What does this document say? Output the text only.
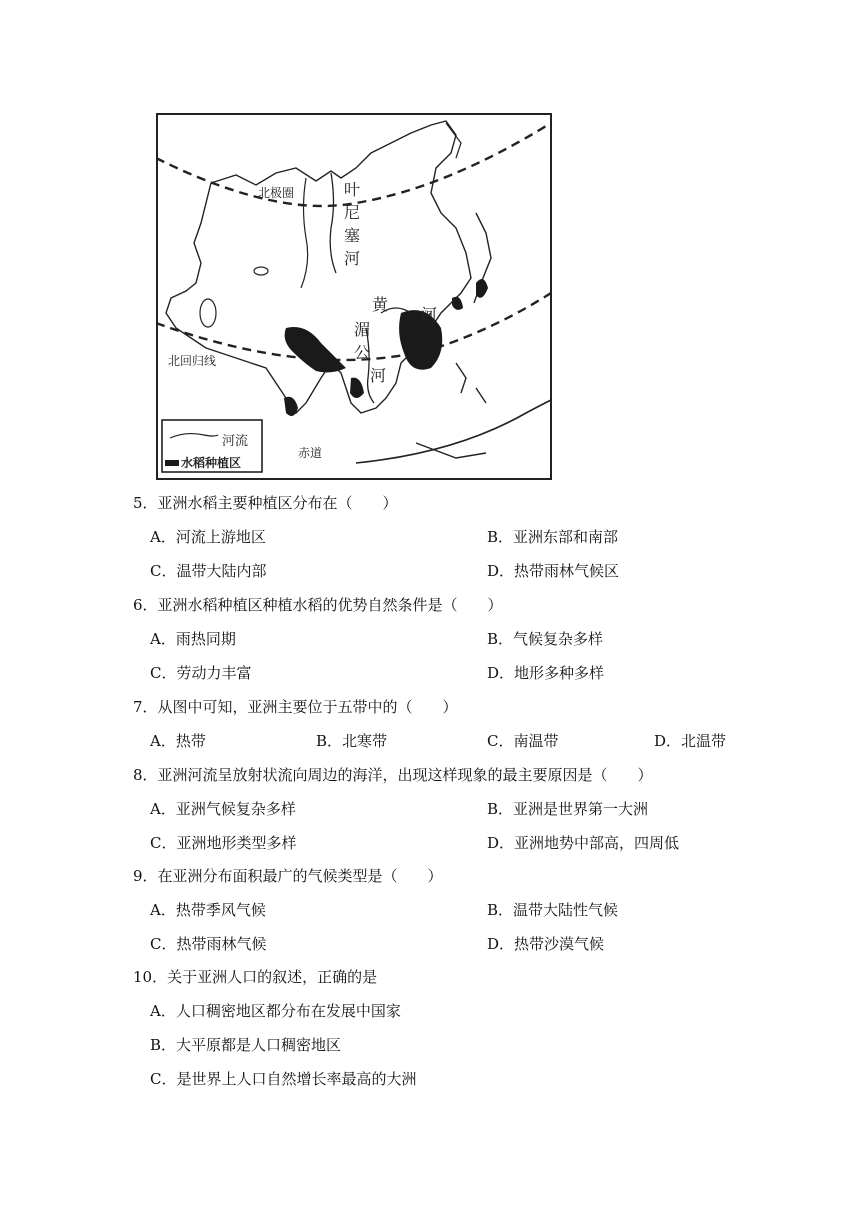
北极圈	叶
尼
塞
河
黄
河
湄
公
河
北回归线
赤道
河流
水稻种植区
5．亚洲水稻主要种植区分布在（　　）
A．河流上游地区	B．亚洲东部和南部
C．温带大陆内部	D．热带雨林气候区
6．亚洲水稻种植区种植水稻的优势自然条件是（　　）
A．雨热同期	B．气候复杂多样
C．劳动力丰富	D．地形多种多样
7．从图中可知，亚洲主要位于五带中的（　　）
A．热带	B．北寒带	C．南温带	D．北温带
8．亚洲河流呈放射状流向周边的海洋，出现这样现象的最主要原因是（　　）
A．亚洲气候复杂多样	B．亚洲是世界第一大洲
C．亚洲地形类型多样	D．亚洲地势中部高，四周低
9．在亚洲分布面积最广的气候类型是（　　）
A．热带季风气候	B．温带大陆性气候
C．热带雨林气候	D．热带沙漠气候
10．关于亚洲人口的叙述，正确的是
A．人口稠密地区都分布在发展中国家
B．大平原都是人口稠密地区
C．是世界上人口自然增长率最高的大洲
